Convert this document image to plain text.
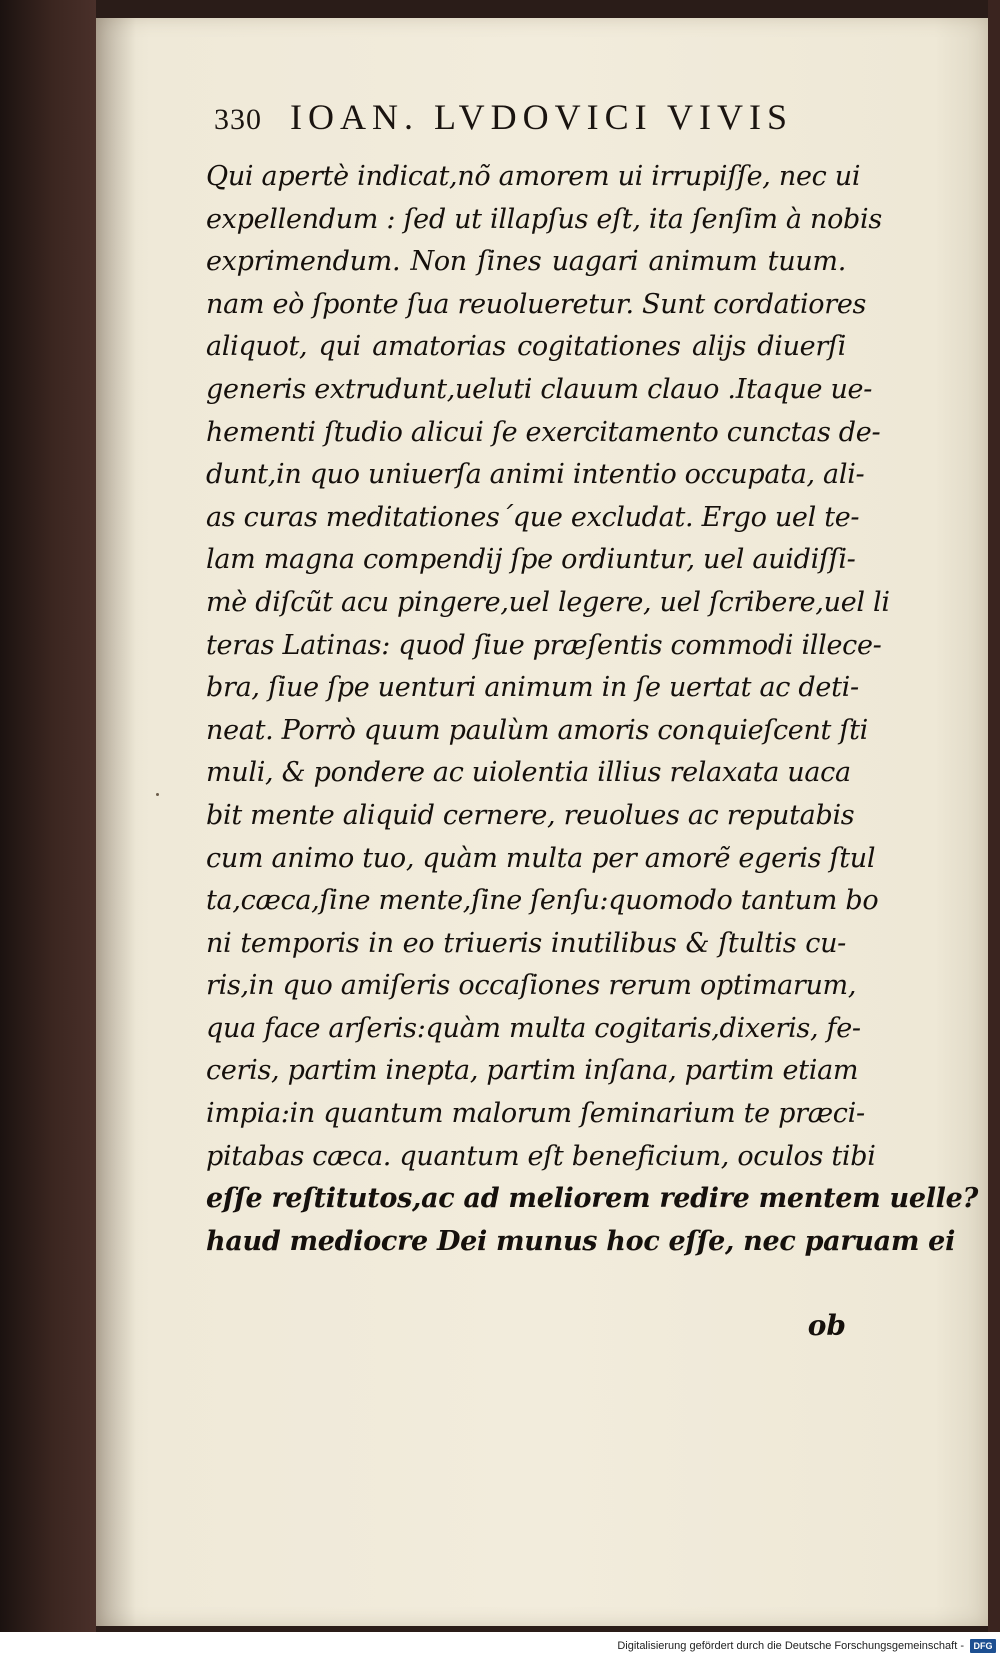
330 IOAN. LVDOVICI VIVIS
Qui apertè indicat,nõ amorem ui irrupiſſe, nec ui
expellendum : ſed ut illapſus eſt, ita ſenſim à nobis
exprimendum. Non ſines uagari animum tuum.
nam eò ſponte ſua reuolueretur. Sunt cordatiores
aliquot, qui amatorias cogitationes alijs diuerſi
generis extrudunt,ueluti clauum clauo .Itaque ue-
hementi ſtudio alicui ſe exercitamento cunctas de-
dunt,in quo uniuerſa animi intentio occupata, ali-
as curas meditationes´que excludat. Ergo uel te-
lam magna compendij ſpe ordiuntur, uel auidiſſi-
mè diſcũt acu pingere,uel legere, uel ſcribere,uel li
teras Latinas: quod ſiue præſentis commodi illece-
bra, ſiue ſpe uenturi animum in ſe uertat ac deti-
neat. Porrò quum paulùm amoris conquieſcent ſti
muli, & pondere ac uiolentia illius relaxata uaca
bit mente aliquid cernere, reuolues ac reputabis
cum animo tuo, quàm multa per amorẽ egeris ſtul
ta,cæca,ſine mente,ſine ſenſu:quomodo tantum bo
ni temporis in eo triueris inutilibus & ſtultis cu-
ris,in quo amiſeris occaſiones rerum optimarum,
qua face arſeris:quàm multa cogitaris,dixeris, fe-
ceris, partim inepta, partim inſana, partim etiam
impia:in quantum malorum ſeminarium te præci-
pitabas cæca. quantum eſt beneficium, oculos tibi
eſſe reſtitutos,ac ad meliorem redire mentem uelle?
haud mediocre Dei munus hoc eſſe, nec paruam ei
ob
Digitalisierung gefördert durch die Deutsche Forschungsgemeinschaft -	DFG
